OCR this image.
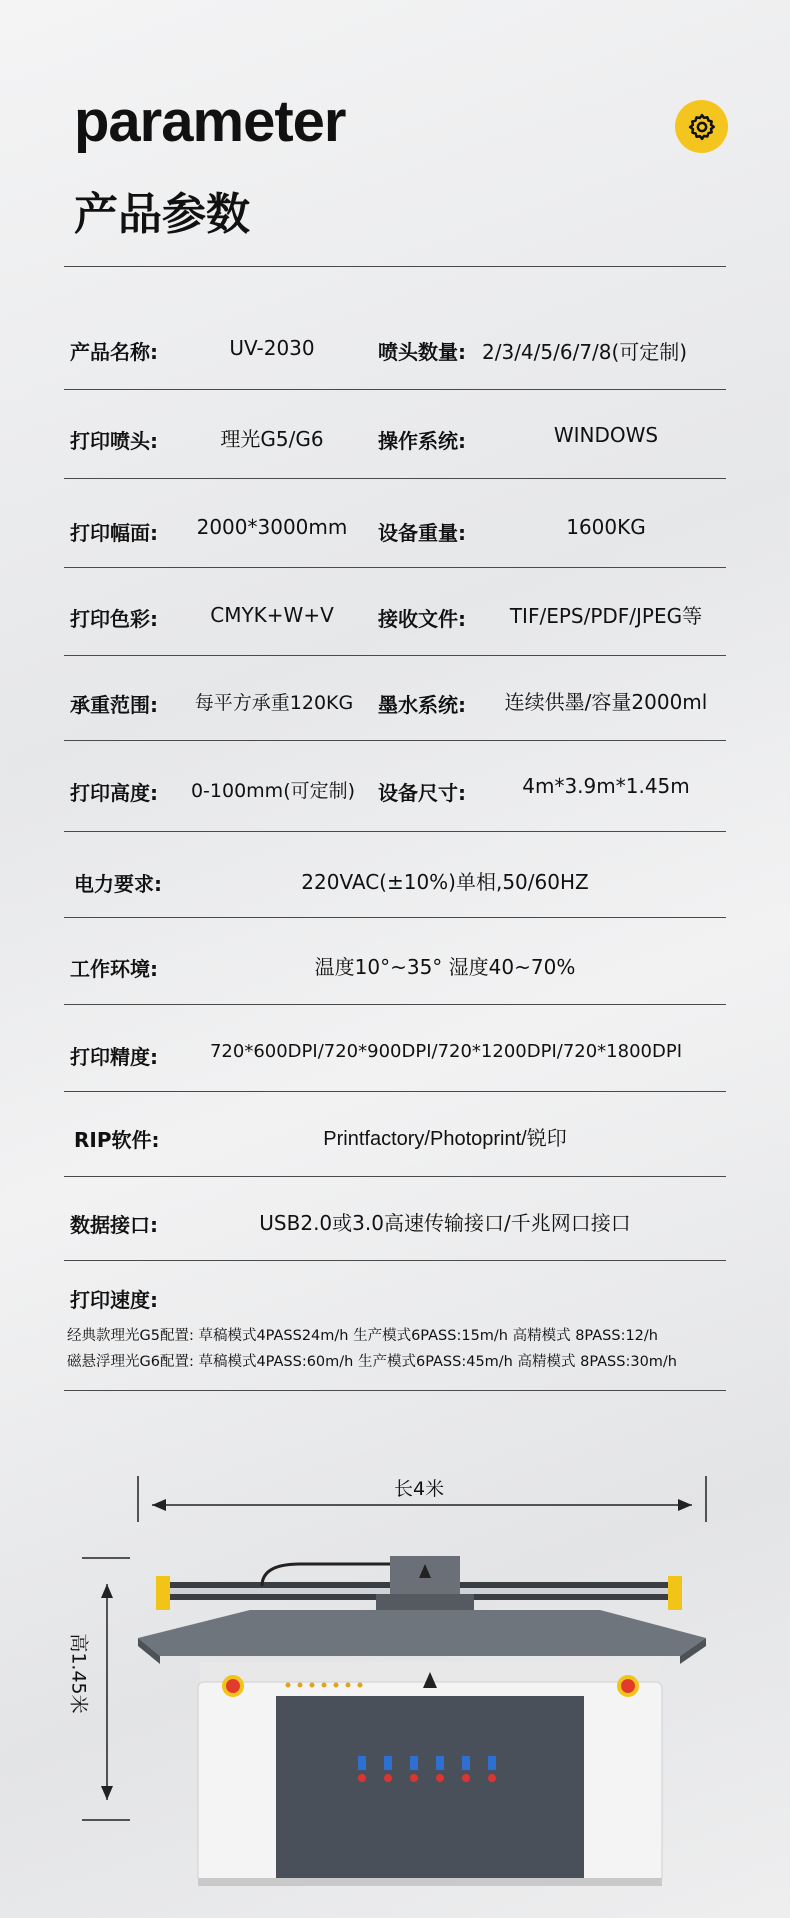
parameter
产品参数
产品名称:	UV-2030	喷头数量: 2/3/4/5/6/7/8(可定制)
打印喷头:	理光G5/G6	操作系统:	WINDOWS
打印幅面:	2000*3000mm	设备重量:	1600KG
打印色彩:	CMYK+W+V	接收文件:	TIF/EPS/PDF/JPEG等
承重范围:	每平方承重120KG	墨水系统:	连续供墨/容量2000ml
打印高度:	0-100mm(可定制)	设备尺寸:	4m*3.9m*1.45m
电力要求:	220VAC(±10%)单相,50/60HZ
工作环境:	温度10°~35° 湿度40~70%
打印精度:	720*600DPI/720*900DPI/720*1200DPI/720*1800DPI
RIP软件:	Printfactory/Photoprint/锐印
数据接口:	USB2.0或3.0高速传输接口/千兆网口接口
打印速度:
经典款理光G5配置: 草稿模式4PASS24m/h 生产模式6PASS:15m/h 高精模式 8PASS:12/h
磁悬浮理光G6配置: 草稿模式4PASS:60m/h 生产模式6PASS:45m/h 高精模式 8PASS:30m/h
长4米
高1.45米
